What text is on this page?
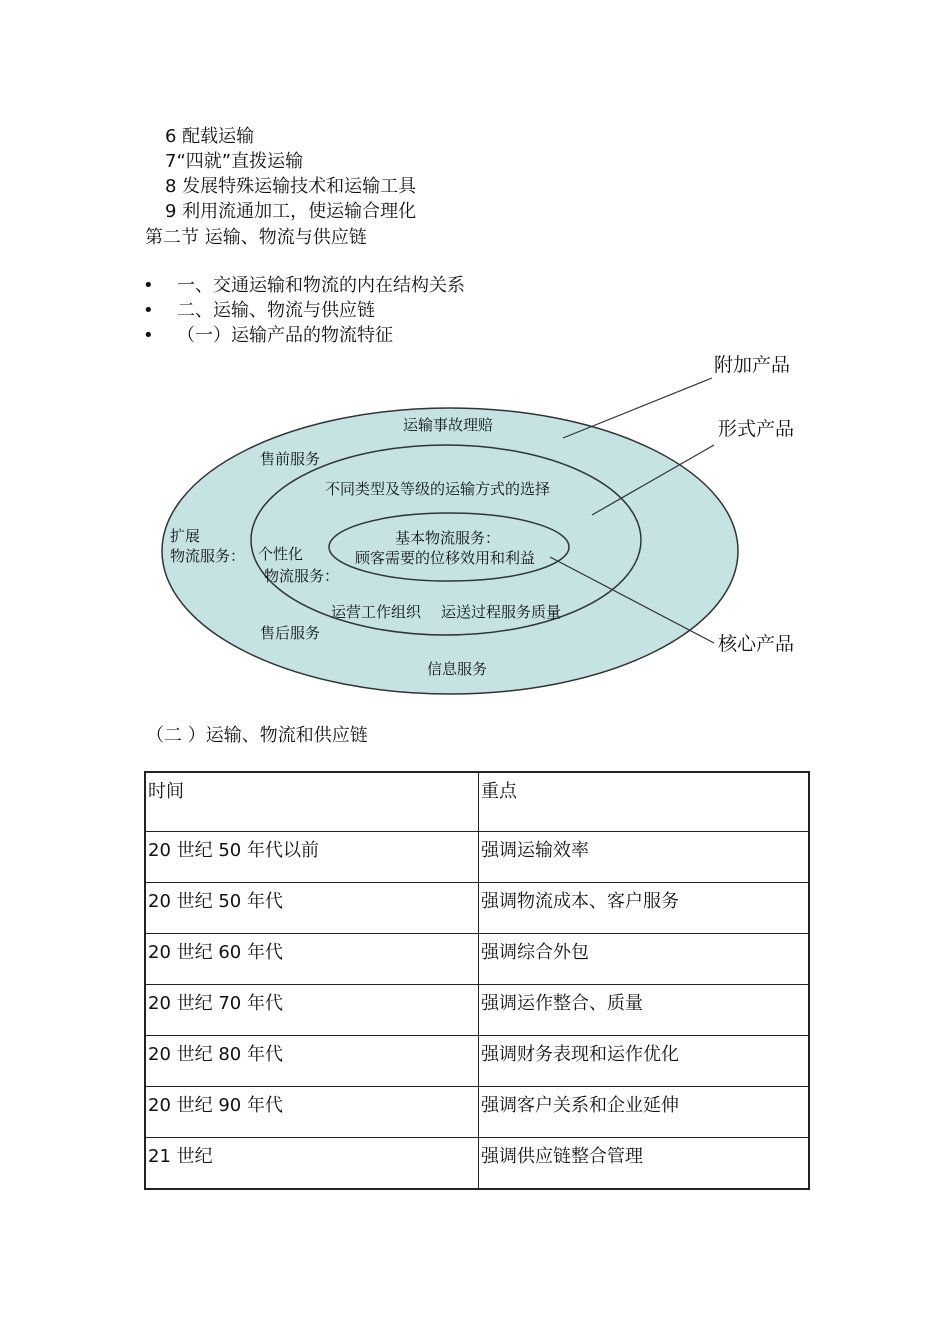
6 配载运输
7“四就”直拨运输
8 发展特殊运输技术和运输工具
9 利用流通加工，使运输合理化
第二节 运输、物流与供应链
• 一、交通运输和物流的内在结构关系
• 二、运输、物流与供应链
• （一）运输产品的物流特征
附加产品
形式产品
核心产品
运输事故理赔
售前服务
扩展
物流服务：
售后服务
信息服务
不同类型及等级的运输方式的选择
个性化
物流服务：
运营工作组织 运送过程服务质量
基本物流服务：
顾客需要的位移效用和利益
（二 ）运输、物流和供应链
时间	重点
20 世纪 50 年代以前	强调运输效率
20 世纪 50 年代	强调物流成本、客户服务
20 世纪 60 年代	强调综合外包
20 世纪 70 年代	强调运作整合、质量
20 世纪 80 年代	强调财务表现和运作优化
20 世纪 90 年代	强调客户关系和企业延伸
21 世纪	强调供应链整合管理
